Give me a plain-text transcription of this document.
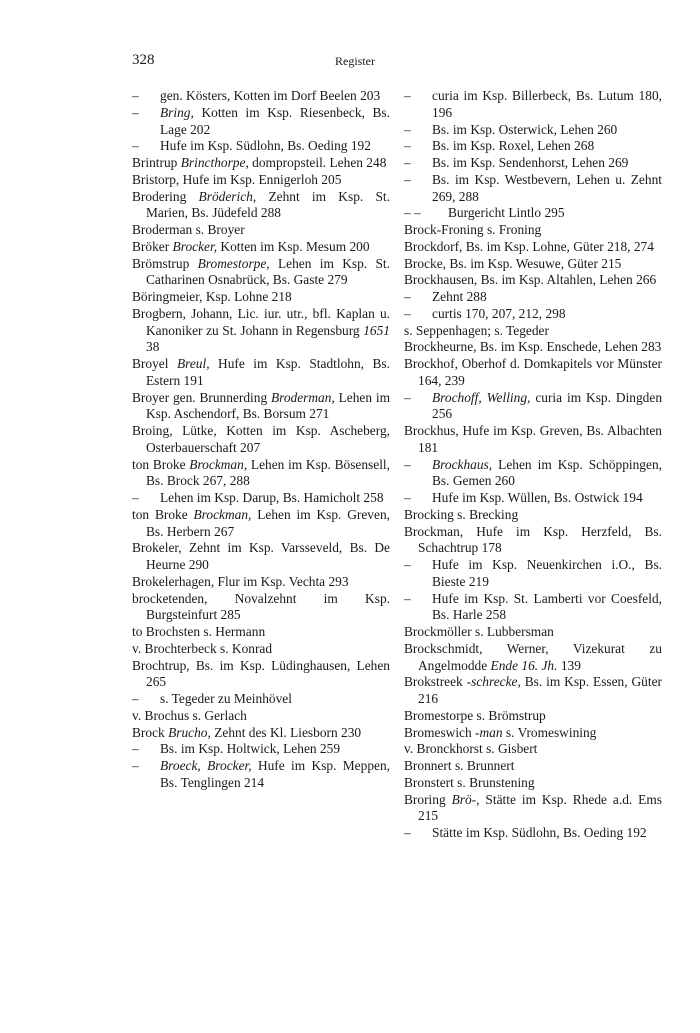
328	Register
–	gen. Kösters, Kotten im Dorf Beelen 203
–	Bring, Kotten im Ksp. Riesenbeck, Bs. Lage 202
–	Hufe im Ksp. Südlohn, Bs. Oeding 192
Brintrup Brincthorpe, dompropsteil. Lehen 248
Bristorp, Hufe im Ksp. Ennigerloh 205
Brodering Bröderich, Zehnt im Ksp. St. Marien, Bs. Jüdefeld 288
Broderman s. Broyer
Bröker Brocker, Kotten im Ksp. Mesum 200
Brömstrup Bromestorpe, Lehen im Ksp. St. Catharinen Osnabrück, Bs. Gaste 279
Böringmeier, Ksp. Lohne 218
Brogbern, Johann, Lic. iur. utr., bfl. Kaplan u. Kanoniker zu St. Johann in Regensburg 1651 38
Broyel Breul, Hufe im Ksp. Stadtlohn, Bs. Estern 191
Broyer gen. Brunnerding Broderman, Lehen im Ksp. Aschendorf, Bs. Borsum 271
Broing, Lütke, Kotten im Ksp. Ascheberg, Osterbauerschaft 207
ton Broke Brockman, Lehen im Ksp. Bösensell, Bs. Brock 267, 288
–	Lehen im Ksp. Darup, Bs. Hamicholt 258
ton Broke Brockman, Lehen im Ksp. Greven, Bs. Herbern 267
Brokeler, Zehnt im Ksp. Varsseveld, Bs. De Heurne 290
Brokelerhagen, Flur im Ksp. Vechta 293
brocketenden, Novalzehnt im Ksp. Burgsteinfurt 285
to Brochsten s. Hermann
v. Brochterbeck s. Konrad
Brochtrup, Bs. im Ksp. Lüdinghausen, Lehen 265
–	s. Tegeder zu Meinhövel
v. Brochus s. Gerlach
Brock Brucho, Zehnt des Kl. Liesborn 230
–	Bs. im Ksp. Holtwick, Lehen 259
–	Broeck, Brocker, Hufe im Ksp. Meppen, Bs. Tenglingen 214
–	curia im Ksp. Billerbeck, Bs. Lutum 180, 196
–	Bs. im Ksp. Osterwick, Lehen 260
–	Bs. im Ksp. Roxel, Lehen 268
–	Bs. im Ksp. Sendenhorst, Lehen 269
–	Bs. im Ksp. Westbevern, Lehen u. Zehnt 269, 288
– –	Burgericht Lintlo 295
Brock-Froning s. Froning
Brockdorf, Bs. im Ksp. Lohne, Güter 218, 274
Brocke, Bs. im Ksp. Wesuwe, Güter 215
Brockhausen, Bs. im Ksp. Altahlen, Lehen 266
–	Zehnt 288
–	curtis 170, 207, 212, 298
s. Seppenhagen; s. Tegeder
Brockheurne, Bs. im Ksp. Enschede, Lehen 283
Brockhof, Oberhof d. Domkapitels vor Münster 164, 239
–	Brochoff, Welling, curia im Ksp. Dingden 256
Brockhus, Hufe im Ksp. Greven, Bs. Albachten 181
–	Brockhaus, Lehen im Ksp. Schöppingen, Bs. Gemen 260
–	Hufe im Ksp. Wüllen, Bs. Ostwick 194
Brocking s. Brecking
Brockman, Hufe im Ksp. Herzfeld, Bs. Schachtrup 178
–	Hufe im Ksp. Neuenkirchen i.O., Bs. Bieste 219
–	Hufe im Ksp. St. Lamberti vor Coesfeld, Bs. Harle 258
Brockmöller s. Lubbersman
Brockschmidt, Werner, Vizekurat zu Angelmodde Ende 16. Jh. 139
Brokstreek -schrecke, Bs. im Ksp. Essen, Güter 216
Bromestorpe s. Brömstrup
Bromeswich -man s. Vromeswining
v. Bronckhorst s. Gisbert
Bronnert s. Brunnert
Bronstert s. Brunstening
Broring Brö-, Stätte im Ksp. Rhede a.d. Ems 215
–	Stätte im Ksp. Südlohn, Bs. Oeding 192
